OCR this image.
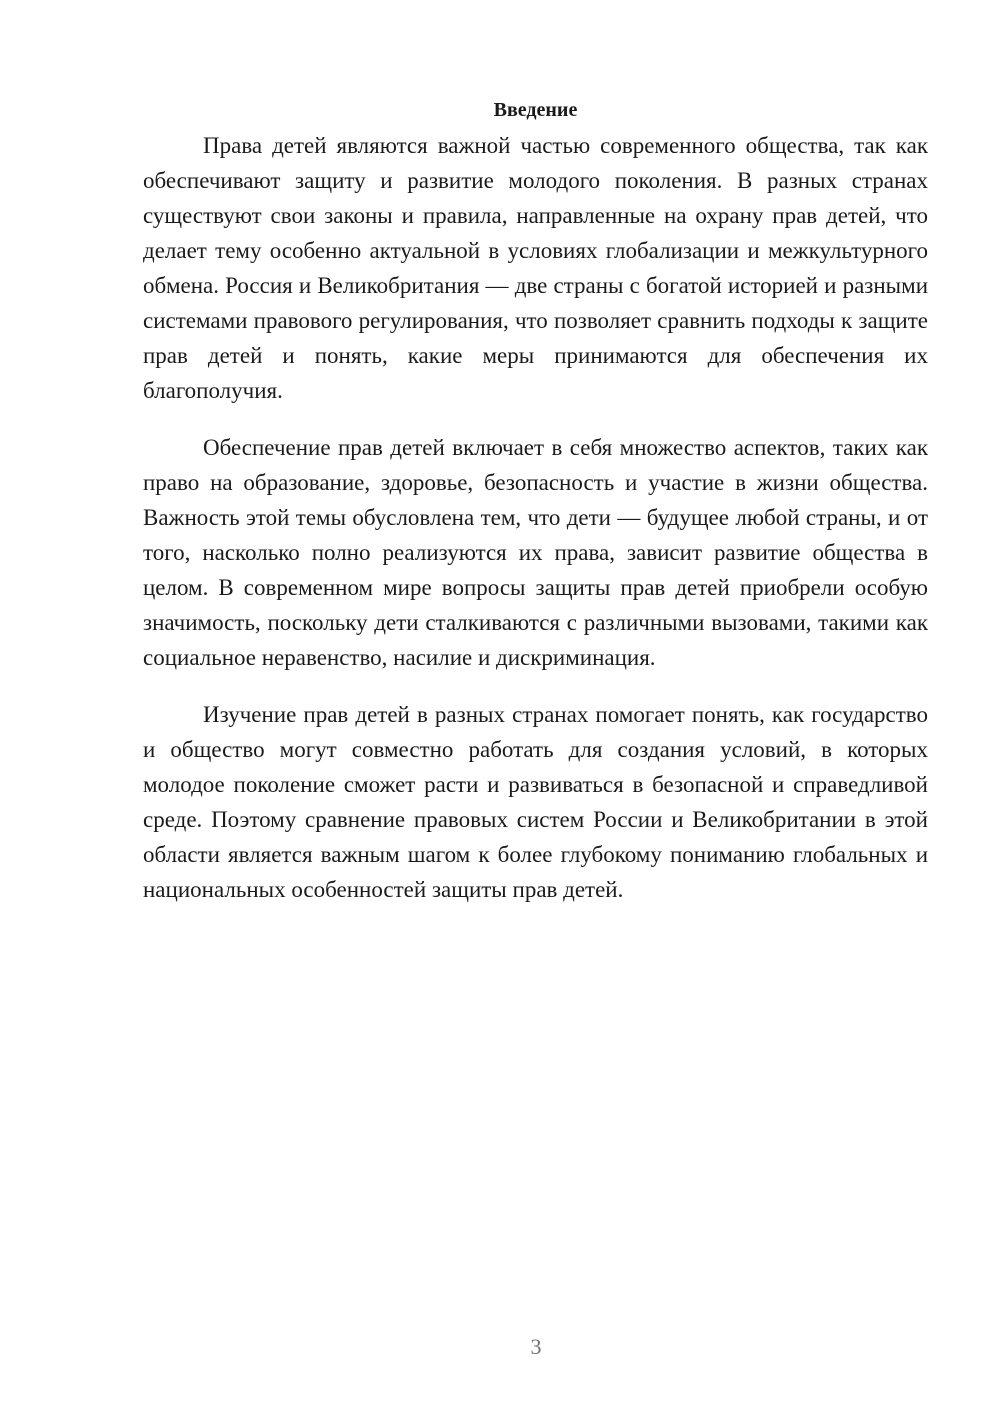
Введение

Права детей являются важной частью современного общества, так как обеспечивают защиту и развитие молодого поколения. В разных странах существуют свои законы и правила, направленные на охрану прав детей, что делает тему особенно актуальной в условиях глобализации и межкультурного обмена. Россия и Великобритания — две страны с богатой историей и разными системами правового регулирования, что позволяет сравнить подходы к защите прав детей и понять, какие меры принимаются для обеспечения их благополучия.

Обеспечение прав детей включает в себя множество аспектов, таких как право на образование, здоровье, безопасность и участие в жизни общества. Важность этой темы обусловлена тем, что дети — будущее любой страны, и от того, насколько полно реализуются их права, зависит развитие общества в целом. В современном мире вопросы защиты прав детей приобрели особую значимость, поскольку дети сталкиваются с различными вызовами, такими как социальное неравенство, насилие и дискриминация.

Изучение прав детей в разных странах помогает понять, как государство и общество могут совместно работать для создания условий, в которых молодое поколение сможет расти и развиваться в безопасной и справедливой среде. Поэтому сравнение правовых систем России и Великобритании в этой области является важным шагом к более глубокому пониманию глобальных и национальных особенностей защиты прав детей.

3
